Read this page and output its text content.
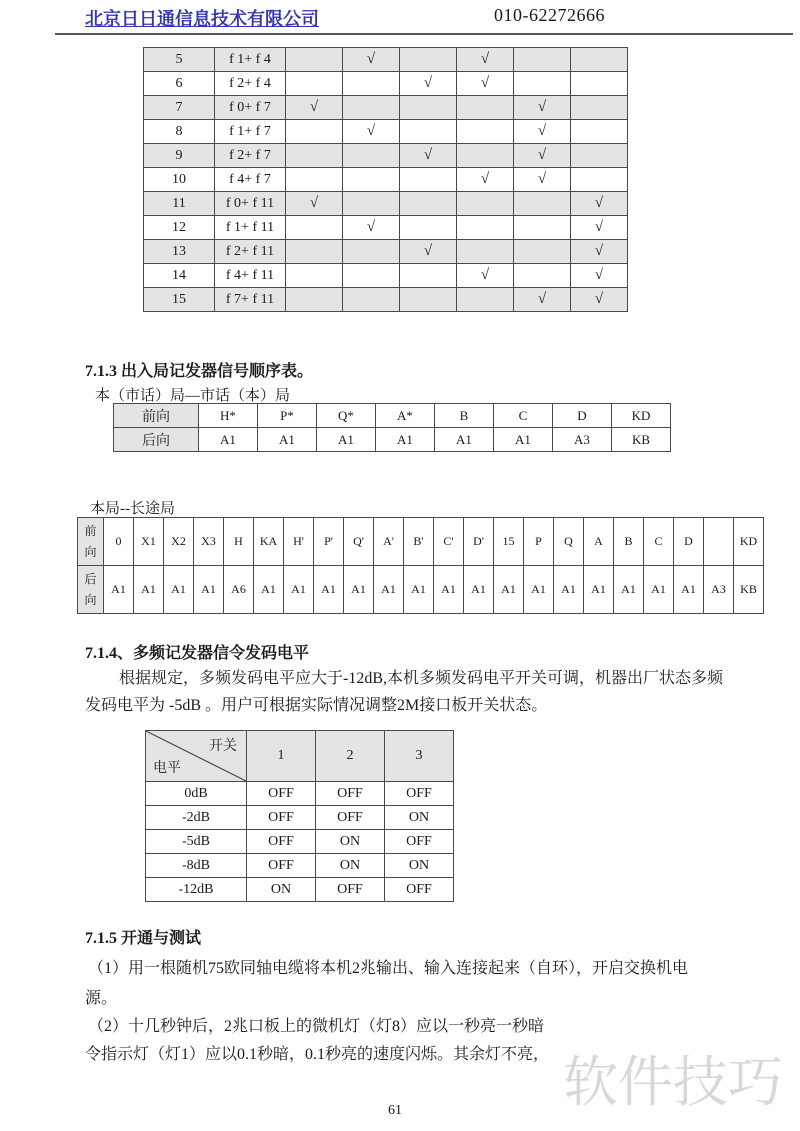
北京日日通信息技术有限公司	010-62272666
5	f 1+ f 4		√		√		
6	f 2+ f 4			√	√		
7	f 0+ f 7	√				√	
8	f 1+ f 7		√			√	
9	f 2+ f 7			√		√	
10	f 4+ f 7				√	√	
11	f 0+ f 11	√					√
12	f 1+ f 11		√				√
13	f 2+ f 11			√			√
14	f 4+ f 11				√		√
15	f 7+ f 11					√	√
7.1.3 出入局记发器信号顺序表。
本（市话）局—市话（本）局
前向	H*	P*	Q*	A*	B	C	D	KD
后向	A1	A1	A1	A1	A1	A1	A3	KB
本局--长途局
前向	0	X1	X2	X3	H	KA	H'	P'	Q'	A'	B'	C'	D'	15	P	Q	A	B	C	D		KD
后向	A1	A1	A1	A1	A6	A1	A1	A1	A1	A1	A1	A1	A1	A1	A1	A1	A1	A1	A1	A1	A3	KB
7.1.4、多频记发器信令发码电平
根据规定，多频发码电平应大于-12dB,本机多频发码电平开关可调，机器出厂状态多频
发码电平为 -5dB 。用户可根据实际情况调整2M接口板开关状态。
开关
电平	1	2	3
0dB	OFF	OFF	OFF
-2dB	OFF	OFF	ON
-5dB	OFF	ON	OFF
-8dB	OFF	ON	ON
-12dB	ON	OFF	OFF
7.1.5 开通与测试
（1）用一根随机75欧同轴电缆将本机2兆输出、输入连接起来（自环），开启交换机电
源。
（2）十几秒钟后，2兆口板上的微机灯（灯8）应以一秒亮一秒暗
令指示灯（灯1）应以0.1秒暗，0.1秒亮的速度闪烁。其余灯不亮， 软件技巧
61
